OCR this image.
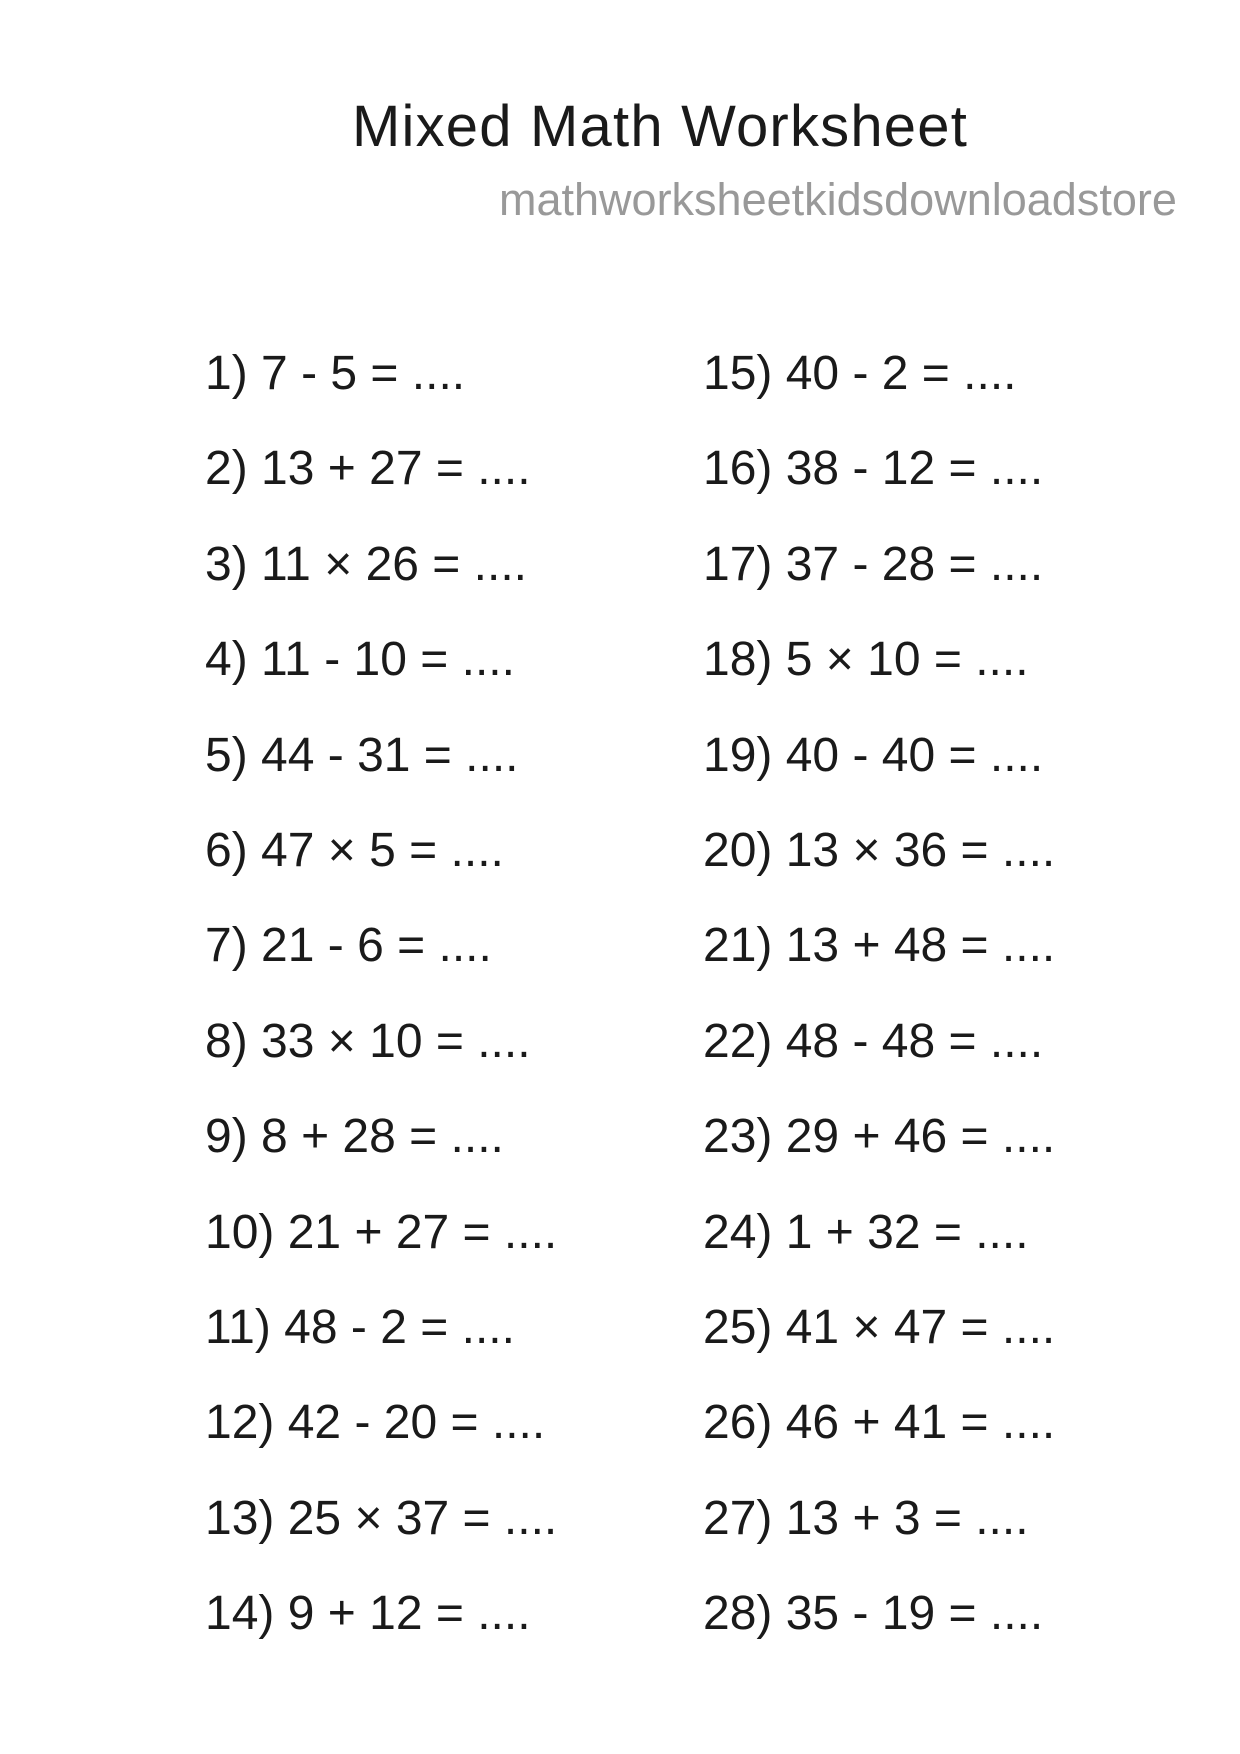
Mixed Math Worksheet
mathworksheetkidsdownloadstore
1) 7 - 5 = ....
2) 13 + 27 = ....
3) 11 × 26 = ....
4) 11 - 10 = ....
5) 44 - 31 = ....
6) 47 × 5 = ....
7) 21 - 6 = ....
8) 33 × 10 = ....
9) 8 + 28 = ....
10) 21 + 27 = ....
11) 48 - 2 = ....
12) 42 - 20 = ....
13) 25 × 37 = ....
14) 9 + 12 = ....
15) 40 - 2 = ....
16) 38 - 12 = ....
17) 37 - 28 = ....
18) 5 × 10 = ....
19) 40 - 40 = ....
20) 13 × 36 = ....
21) 13 + 48 = ....
22) 48 - 48 = ....
23) 29 + 46 = ....
24) 1 + 32 = ....
25) 41 × 47 = ....
26) 46 + 41 = ....
27) 13 + 3 = ....
28) 35 - 19 = ....
